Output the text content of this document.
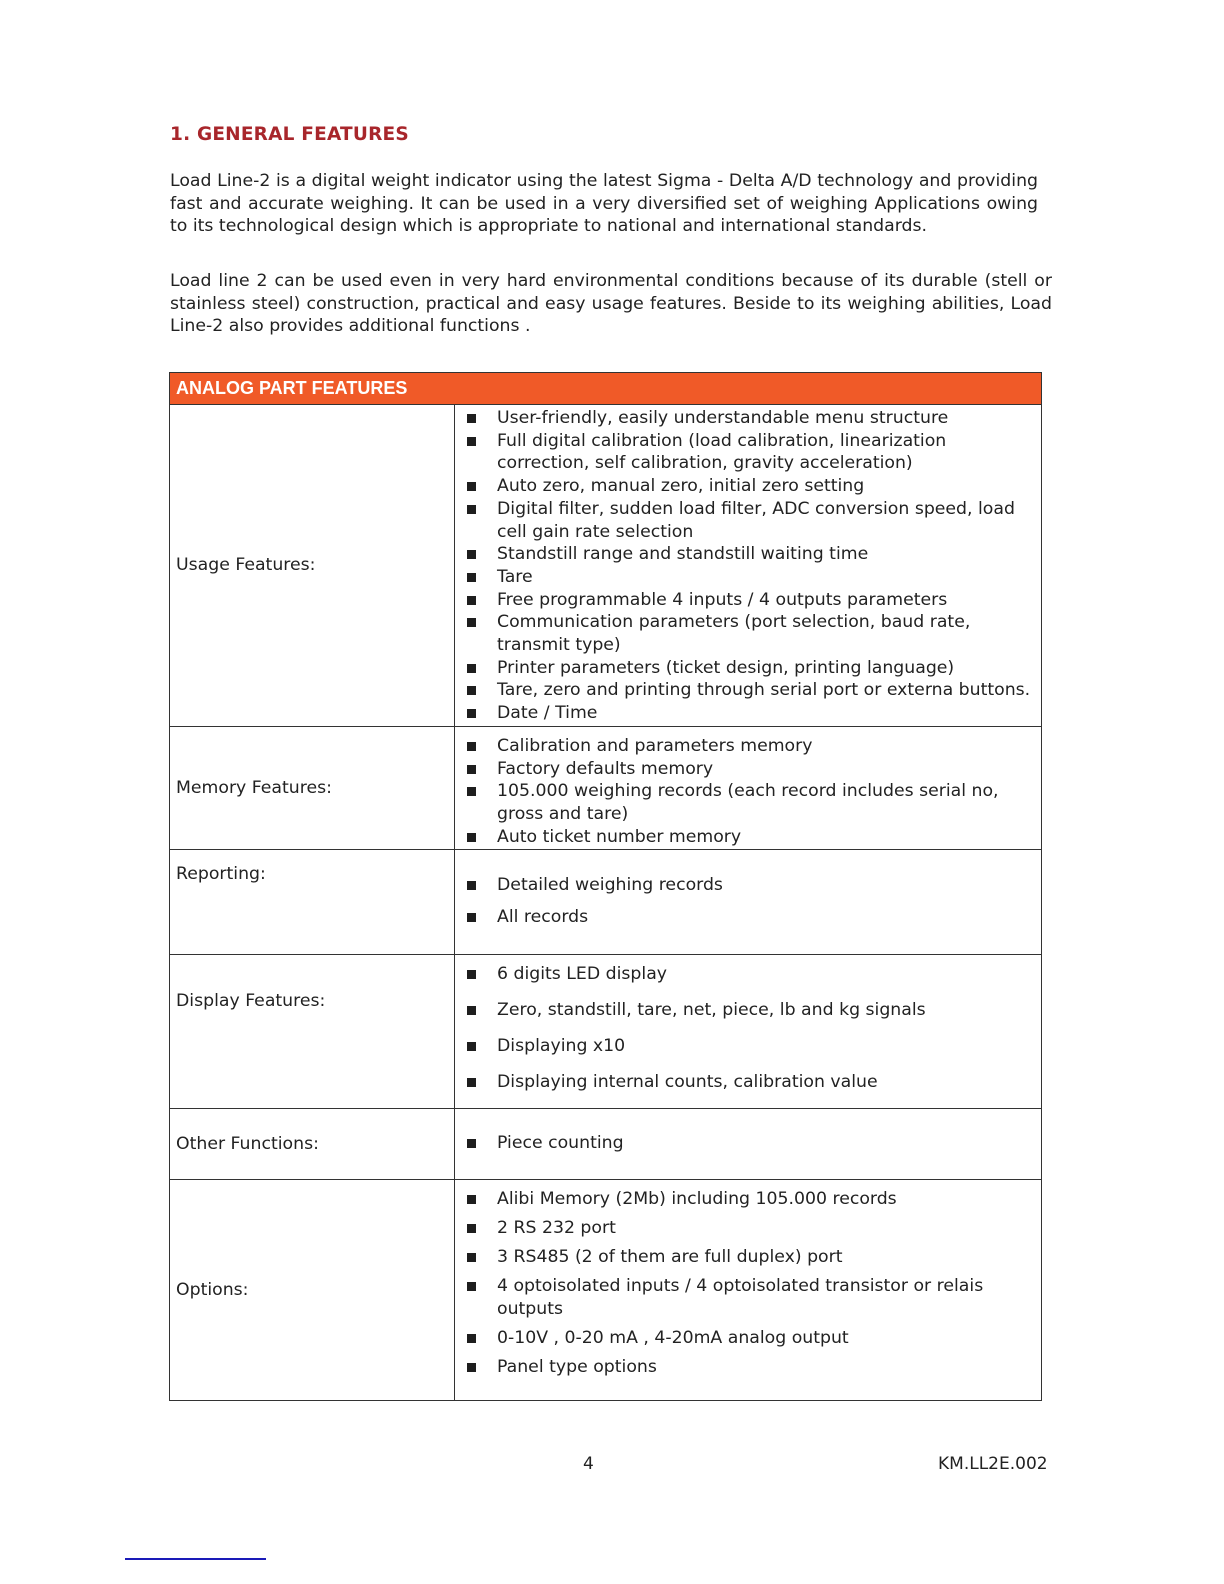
1. GENERAL FEATURES
Load Line-2 is a digital weight indicator using the latest Sigma - Delta A/D technology and providing fast and accurate weighing. It can be used in a very diversified set of weighing Applications owing to its technological design which is appropriate to national and international standards.
Load line 2 can be used even in very hard environmental conditions because of its durable (stell or stainless steel) construction, practical and easy usage features. Beside to its weighing abilities, Load Line-2 also provides additional functions .
ANALOG PART FEATURES	
Usage Features:	
User-friendly, easily understandable menu structure
Full digital calibration (load calibration, linearization correction, self calibration, gravity acceleration)
Auto zero, manual zero, initial zero setting
Digital filter, sudden load filter, ADC conversion speed, load cell gain rate selection
Standstill range and standstill waiting time
Tare
Free programmable 4 inputs / 4 outputs parameters
Communication parameters (port selection, baud rate, transmit type)
Printer parameters (ticket design, printing language)
Tare, zero and printing through serial port or externa buttons.
Date / Time

Memory Features:	
Calibration and parameters memory
Factory defaults memory
105.000 weighing records (each record includes serial no, gross and tare)
Auto ticket number memory

Reporting:	
Detailed weighing records
All records

Display Features:	
6 digits LED display
Zero, standstill, tare, net, piece, lb and kg signals
Displaying x10
Displaying internal counts, calibration value

Other Functions:	Piece counting

Options:	
Alibi Memory (2Mb) including 105.000 records
2 RS 232 port
3 RS485 (2 of them are full duplex) port
4 optoisolated inputs / 4 optoisolated transistor or relais outputs
0-10V , 0-20 mA , 4-20mA analog output
Panel type options
4	KM.LL2E.002
